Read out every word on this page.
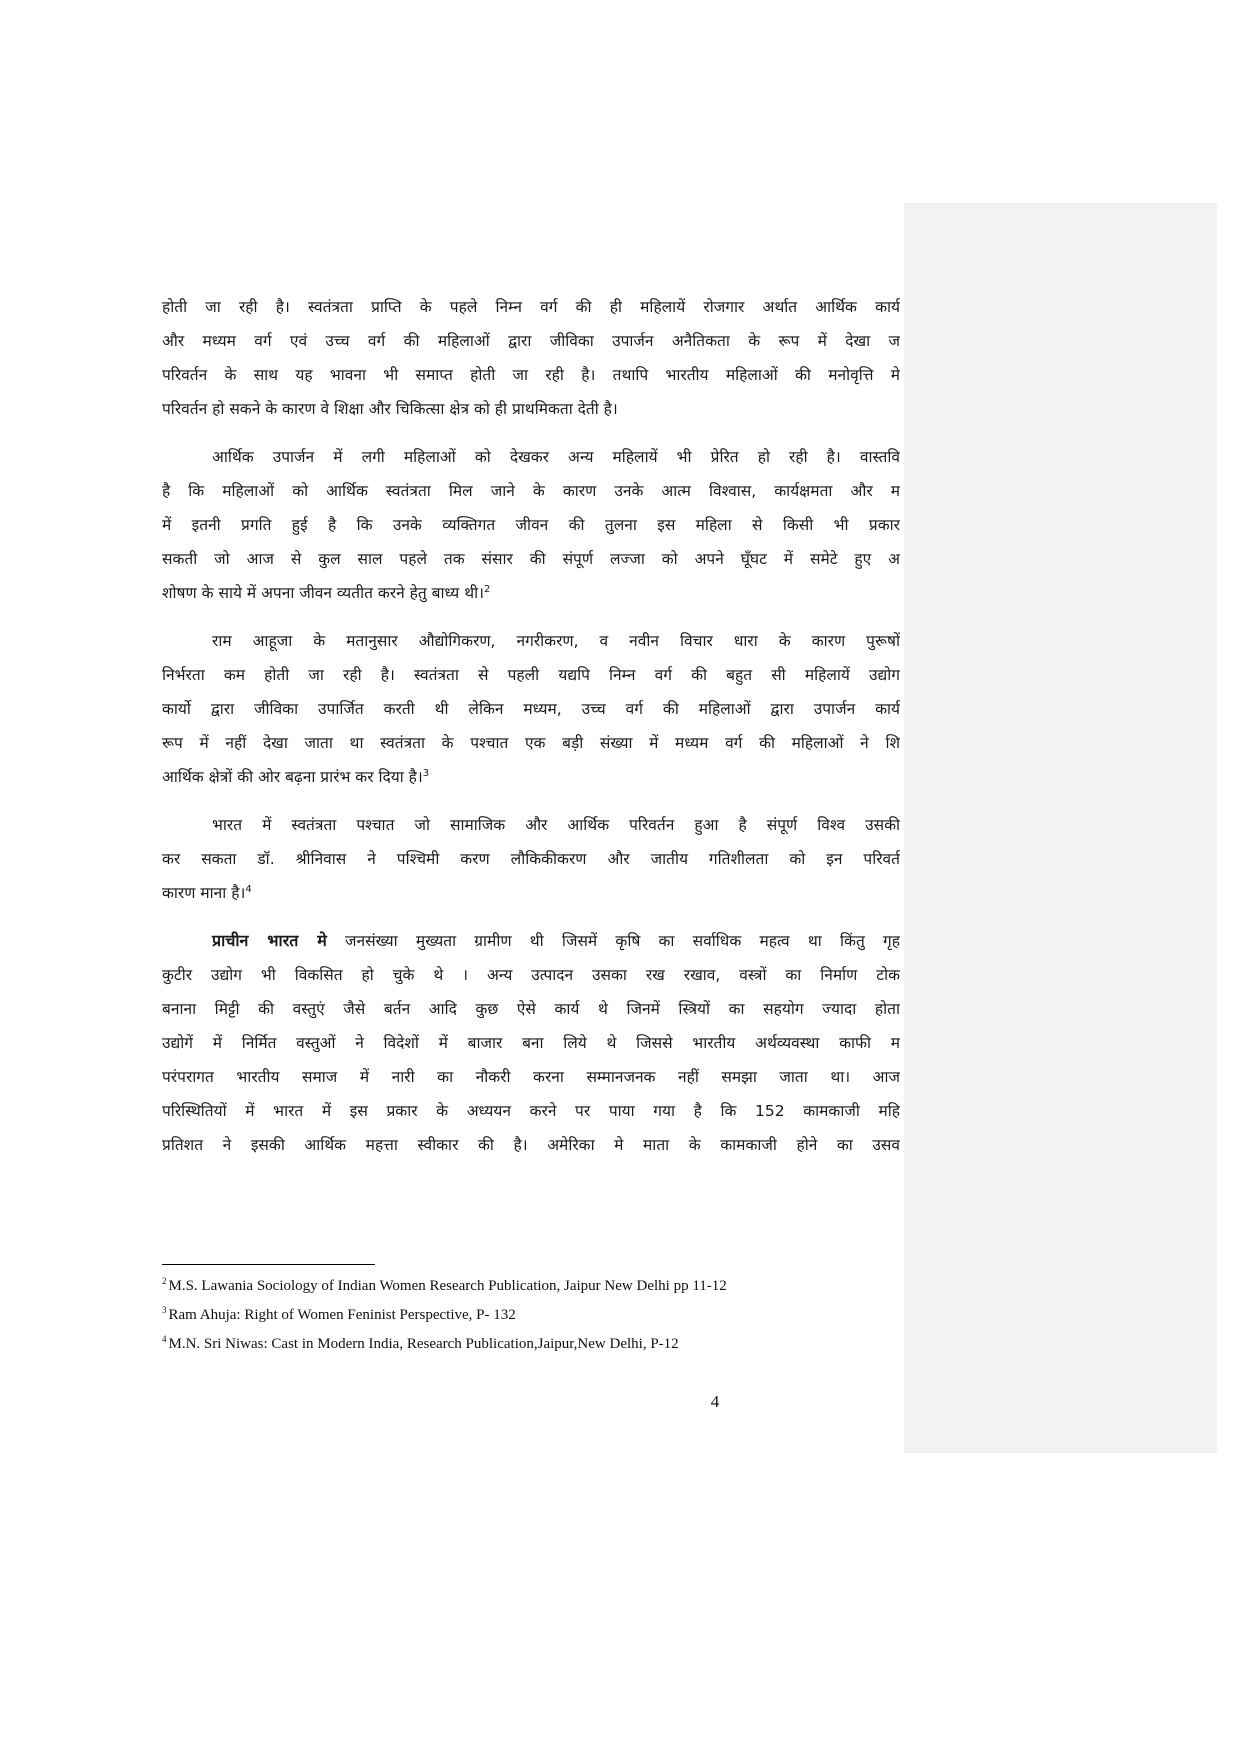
होती जा रही है। स्वतंत्रता प्राप्ति के पहले निम्न वर्ग की ही महिलायें रोजगार अर्थात आर्थिक कार्य
और मध्यम वर्ग एवं उच्च वर्ग की महिलाओं द्वारा जीविका उपार्जन अनैतिकता के रूप में देखा ज
परिवर्तन के साथ यह भावना भी समाप्त होती जा रही है। तथापि भारतीय महिलाओं की मनोवृत्ति मे
परिवर्तन हो सकने के कारण वे शिक्षा और चिकित्सा क्षेत्र को ही प्राथमिकता देती है।

आर्थिक उपार्जन में लगी महिलाओं को देखकर अन्य महिलायें भी प्रेरित हो रही है। वास्तवि
है कि महिलाओं को आर्थिक स्वतंत्रता मिल जाने के कारण उनके आत्म विश्वास, कार्यक्षमता और म
में इतनी प्रगति हुई है कि उनके व्यक्तिगत जीवन की तुलना इस महिला से किसी भी प्रकार
सकती जो आज से कुल साल पहले तक संसार की संपूर्ण लज्जा को अपने घूँघट में समेटे हुए अ
शोषण के साये में अपना जीवन व्यतीत करने हेतु बाध्य थी।$^2$

राम आहूजा के मतानुसार औद्योगिकरण, नगरीकरण, व नवीन विचार धारा के कारण पुरूषों
निर्भरता कम होती जा रही है। स्वतंत्रता से पहली यद्यपि निम्न वर्ग की बहुत सी महिलायें उद्योग
कार्यो द्वारा जीविका उपार्जित करती थी लेकिन मध्यम, उच्च वर्ग की महिलाओं द्वारा उपार्जन कार्य
रूप में नहीं देखा जाता था स्वतंत्रता के पश्चात एक बड़ी संख्या में मध्यम वर्ग की महिलाओं ने शि
आर्थिक क्षेत्रों की ओर बढ़ना प्रारंभ कर दिया है।$^3$

भारत में स्वतंत्रता पश्चात जो सामाजिक और आर्थिक परिवर्तन हुआ है संपूर्ण विश्व उसकी
कर सकता डॉ. श्रीनिवास ने पश्चिमी करण लौकिकीकरण और जातीय गतिशीलता को इन परिवर्त
कारण माना है।$^4$

प्राचीन भारत मे जनसंख्या मुख्यता ग्रामीण थी जिसमें कृषि का सर्वाधिक महत्व था किंतु गृह
कुटीर उद्योग भी विकसित हो चुके थे । अन्य उत्पादन उसका रख रखाव, वस्त्रों का निर्माण टोक
बनाना मिट्टी की वस्तुएं जैसे बर्तन आदि कुछ ऐसे कार्य थे जिनमें स्त्रियों का सहयोग ज्यादा होता
उद्योगें में निर्मित वस्तुओं ने विदेशों में बाजार बना लिये थे जिससे भारतीय अर्थव्यवस्था काफी म
परंपरागत भारतीय समाज में नारी का नौकरी करना सम्मानजनक नहीं समझा जाता था। आज
परिस्थितियों में भारत में इस प्रकार के अध्ययन करने पर पाया गया है कि 152 कामकाजी महि
प्रतिशत ने इसकी आर्थिक महत्ता स्वीकार की है। अमेरिका मे माता के कामकाजी होने का उसव

$^2$ M.S. Lawania Sociology of Indian Women Research Publication, Jaipur New Delhi pp 11-12
$^3$ Ram Ahuja: Right of Women Feninist Perspective, P- 132
$^4$ M.N. Sri Niwas: Cast in Modern India, Research Publication,Jaipur,New Delhi, P-12
4
